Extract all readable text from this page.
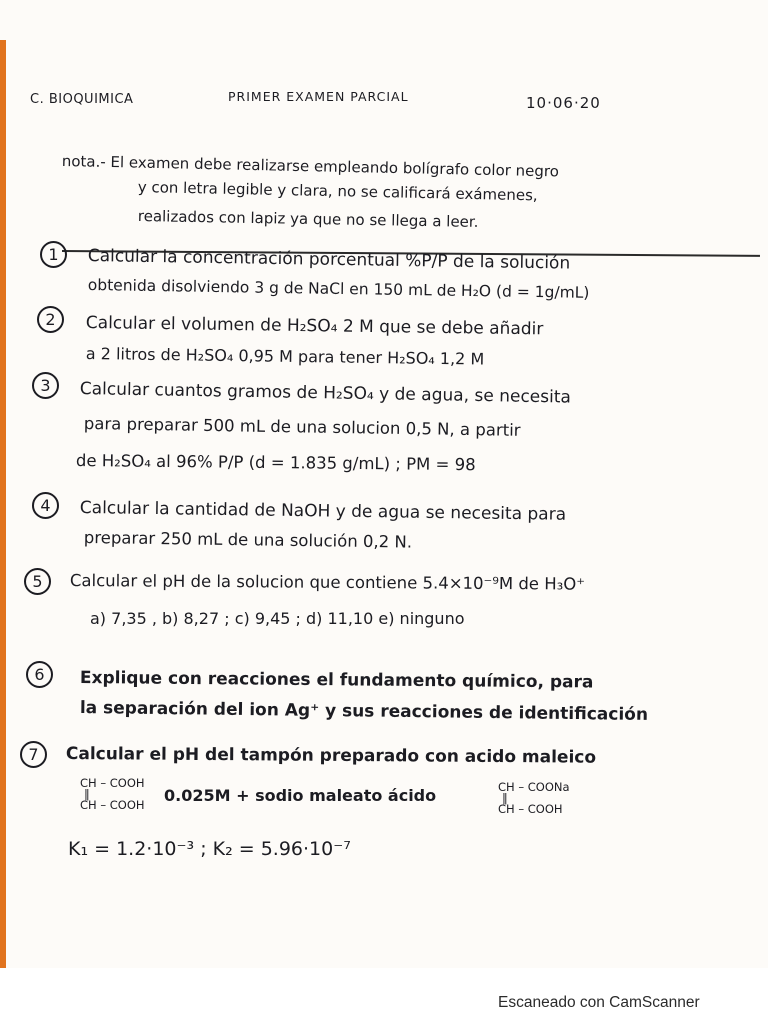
C. BIOQUIMICA	PRIMER EXAMEN PARCIAL	10·06·20
nota.- El examen debe realizarse empleando bolígrafo color negro
y con letra legible y clara, no se calificará exámenes,
realizados con lapiz ya que no se llega a leer.
1	Calcular la concentración porcentual %P/P de la solución
obtenida disolviendo 3 g de NaCl en 150 mL de H₂O (d = 1g/mL)
2	Calcular el volumen de H₂SO₄ 2 M que se debe añadir
a 2 litros de H₂SO₄ 0,95 M para tener H₂SO₄ 1,2 M
3	Calcular cuantos gramos de H₂SO₄ y de agua, se necesita
para preparar 500 mL de una solucion 0,5 N, a partir
de H₂SO₄ al 96% P/P (d = 1.835 g/mL) ; PM = 98
4	Calcular la cantidad de NaOH y de agua se necesita para
preparar 250 mL de una solución 0,2 N.
5	Calcular el pH de la solucion que contiene 5.4×10⁻⁹M de H₃O⁺
a) 7,35 , b) 8,27 ; c) 9,45 ; d) 11,10 e) ninguno
6	Explique con reacciones el fundamento químico, para
la separación del ion Ag⁺ y sus reacciones de identificación
7	Calcular el pH del tampón preparado con acido maleico
CH – COOH
‖
CH – COOH 0.025M + sodio maleato ácido	CH – COONa
‖
CH – COOH
K₁ = 1.2·10⁻³ ; K₂ = 5.96·10⁻⁷
Escaneado con CamScanner
